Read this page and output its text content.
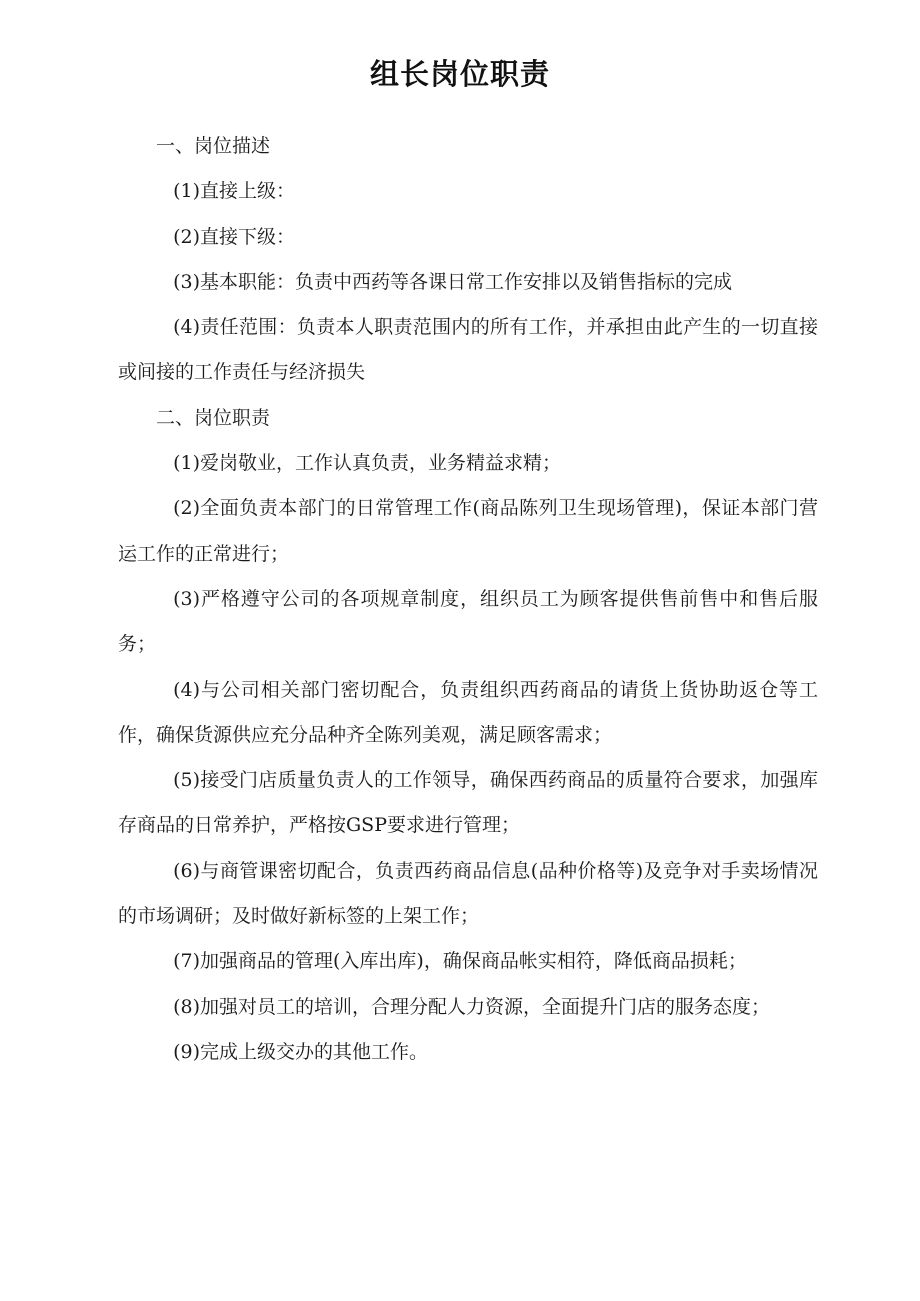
组长岗位职责

一、岗位描述

(1)直接上级：

(2)直接下级：

(3)基本职能：负责中西药等各课日常工作安排以及销售指标的完成

(4)责任范围：负责本人职责范围内的所有工作，并承担由此产生的一切直接或间接的工作责任与经济损失

二、岗位职责

(1)爱岗敬业，工作认真负责，业务精益求精；

(2)全面负责本部门的日常管理工作(商品陈列卫生现场管理)，保证本部门营运工作的正常进行；

(3)严格遵守公司的各项规章制度，组织员工为顾客提供售前售中和售后服务；

(4)与公司相关部门密切配合，负责组织西药商品的请货上货协助返仓等工作，确保货源供应充分品种齐全陈列美观，满足顾客需求；

(5)接受门店质量负责人的工作领导，确保西药商品的质量符合要求，加强库存商品的日常养护，严格按GSP要求进行管理；

(6)与商管课密切配合，负责西药商品信息(品种价格等)及竞争对手卖场情况的市场调研；及时做好新标签的上架工作；

(7)加强商品的管理(入库出库)，确保商品帐实相符，降低商品损耗；

(8)加强对员工的培训，合理分配人力资源，全面提升门店的服务态度；

(9)完成上级交办的其他工作。
